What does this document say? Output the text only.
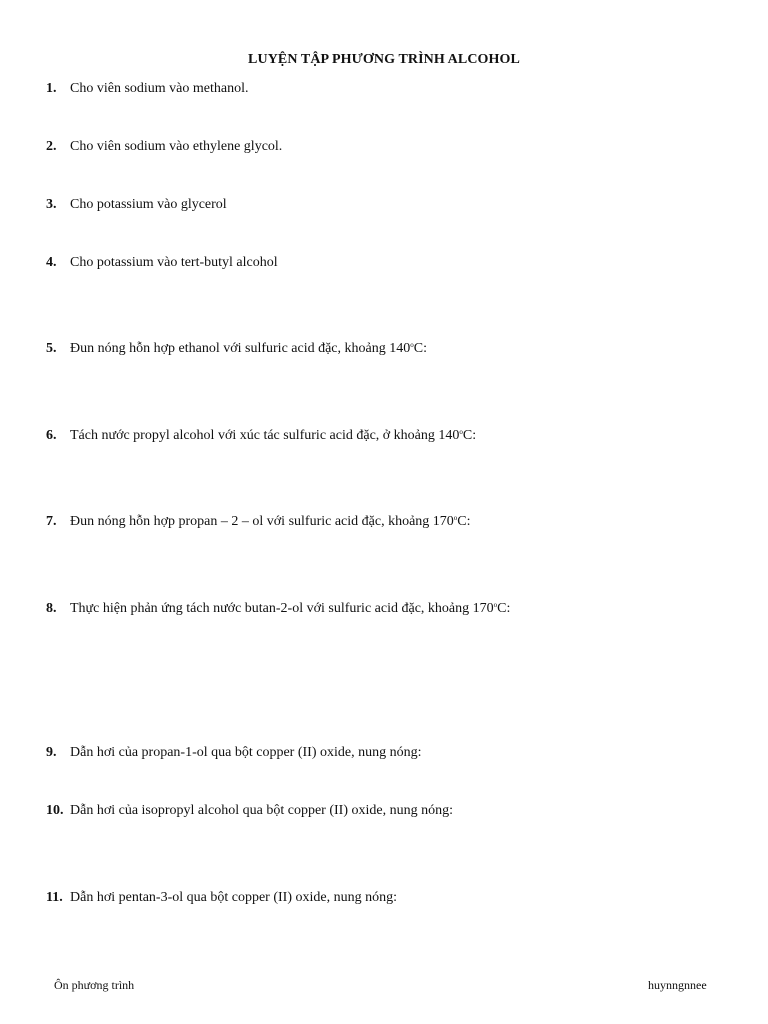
LUYỆN TẬP PHƯƠNG TRÌNH ALCOHOL
1. Cho viên sodium vào methanol.
2. Cho viên sodium vào ethylene glycol.
3. Cho potassium vào glycerol
4. Cho potassium vào tert-butyl alcohol
5. Đun nóng hỗn hợp ethanol với sulfuric acid đặc, khoảng 140$^o$C:
6. Tách nước propyl alcohol với xúc tác sulfuric acid đặc, ở khoảng 140$^o$C:
7. Đun nóng hỗn hợp propan – 2 – ol với sulfuric acid đặc, khoảng 170$^o$C:
8. Thực hiện phản ứng tách nước butan-2-ol với sulfuric acid đặc, khoảng 170$^o$C:
9. Dẫn hơi của propan-1-ol qua bột copper (II) oxide, nung nóng:
10. Dẫn hơi của isopropyl alcohol qua bột copper (II) oxide, nung nóng:
11. Dẫn hơi pentan-3-ol qua bột copper (II) oxide, nung nóng:
Ôn phương trình	huynngnnee
